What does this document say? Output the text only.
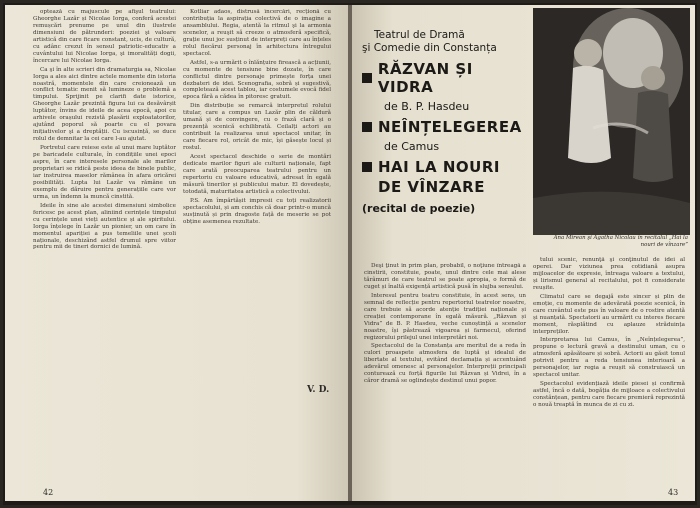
optează cu majuscule pe afişul teatrului: Gheorghe Lazăr și Nicolae Iorga, conferă acestei remușcări prenume pe unul din ilustrele dimensiuni de pătrunderi: poeziei şi valoare artistică din care ficare constant, ucis, de cultură, cu adânc crezut în sensul patriotic-educativ a cuvântului lui Nicolae Iorga, şi imoralități dogii, încercare lui Nicolae Iorga.

Ca şi în alte scrieri din dramaturgia sa, Nicolae Iorga a ales aici dintre actele momente din istoria noastră, momentele din care creionează un conflict tematic menit să lumineze o problemă a timpului. Sprijinit pe clarifi date istorice, Gheorghe Lazăr prezintă figura lui ca desăvârșit luptător, învins de ideile de acea epocă, apoi cu arhivele orașului rezistă plasării exploatatorilor, ajutând poporul să poarte cu el povara inițiativelor şi a dreptății. Cu iscusință, se duce rolul de demnitar la cei care l-au ajutat.

Portretul care reiese este al unui mare luptător pe baricadele culturale, în condițiile unei epoci aspre, în care interesele personale ale marilor proprietari se ridică peste ideea de binele public, iar instruirea maselor rămânea în afara oricărei posibilități. Lupta lui Lazăr va rămâne un exemplu de dăruire pentru generațiile care vor urma, un îndemn la muncă cinstită.

Ideile în sine ale acestei dimensiuni simbolice fericesc pe acest plan, aliniind cerințele timpului cu cerințele unei vieți autentice și ale spiritului. Iorga înțelege în Lazăr un pionier, un om care în momentul apariției a pus temeliile unei școli naționale, deschizând astfel drumul spre viitor pentru mii de tineri dornici de lumină.

Kotliar adaos, distrusă încercări, recționă cu contribuția la aspirația colectivă de o imagine a ansamblului. Regia, atentă la ritmul şi la armonia scenelor, a reuşit să creeze o atmosferă specifică, grație unui joc susținut de interpreți care au înțeles rolul fiecărui personaj în arhitectura întregului spectacol.

Astfel, s-a urmărit o înlănțuire firească a acțiunii, cu momente de tensiune bine dozate, în care conflictul dintre personaje primește forța unei dezbateri de idei. Scenografia, sobră și sugestivă, completează acest tablou, iar costumele evocă fidel epoca fără a cădea în pitoresc gratuit.

Din distribuție se remarcă interpretul rolului titular, care a compus un Lazăr plin de căldură umană și de convingere, cu o frază clară și o prezență scenică echilibrată. Ceilalți actori au contribuit la realizarea unui spectacol unitar, în care fiecare rol, oricât de mic, își găsește locul și rostul.

Acest spectacol deschide o serie de montări dedicate marilor figuri ale culturii naționale, fapt care arată preocuparea teatrului pentru un repertoriu cu valoare educativă, adresat în egală măsură tinerilor și publicului matur. El dovedește, totodată, maturitatea artistică a colectivului.

P.S. Am împărtășit impresii cu toți realizatorii spectacolului, și am conchis că doar printr-o muncă susținută și prin dragoste față de meserie se pot obține asemenea rezultate.

V. D.
42
Teatrul de Dramă
şi Comedie din Constanța
RĂZVAN ȘI VIDRA
de B. P. Hasdeu
NEÎNȚELEGEREA
de Camus
HAI LA NOURI
DE VÎNZARE
(recital de poezie)
Ana Mirean şi Agatha Nicolau în recitalul „Hai la nouri de vînzare”

Deşi ţinut în prim plan, probabil, o noţiune întreagă a cinstirii, constituie, poate, unul dintre cele mai alese tărâmuri de care teatrul se poate apropia, o formă de cuget și înaltă exigență artistică pusă în slujba sensului.

Interesul pentru teatru constituie, în acest sens, un semnal de reflecție pentru repertoriul teatrelor noastre, care trebuie să acorde atenție tradiției naționale și creației contemporane în egală măsură. „Răzvan și Vidra” de B. P. Hasdeu, veche cunoștință a scenelor noastre, își păstrează vigoarea și farmecul, oferind regizorului prilejul unei interpretări noi.

Spectacolul de la Constanța are meritul de a reda în culori proaspete atmosfera de luptă și idealul de libertate al textului, evitând declamația și accentuând adevărul omenesc al personajelor. Interpreții principali conturează cu forță figurile lui Răzvan și Vidrei, în a căror dramă se oglindește destinul unui popor.

tului scenic, renunţă şi conţinutul de idei al operei. Dar viziunea prea cotidiană asupra mijloacelor de expresie, întreaga valoare a textului, și lirismul general al recitalului, pot fi considerate reușite.

Climatul care se degajă este sincer și plin de emoție, cu momente de adevărată poezie scenică, în care cuvântul este pus în valoare de o rostire atentă și nuanțată. Spectatorii au urmărit cu interes fiecare moment, răsplătind cu aplauze străduința interpreților.

Interpretarea lui Camus, în „Neînțelegerea”, propune o lectură gravă a destinului uman, cu o atmosferă apăsătoare și sobră. Actorii au găsit tonul potrivit pentru a reda tensiunea interioară a personajelor, iar regia a reușit să construiască un spectacol unitar.

Spectacolul evidențiază ideile piesei și confirmă astfel, încă o dată, bogăția de mijloace a colectivului constănțean, pentru care fiecare premieră reprezintă o nouă treaptă în munca de zi cu zi.

43
